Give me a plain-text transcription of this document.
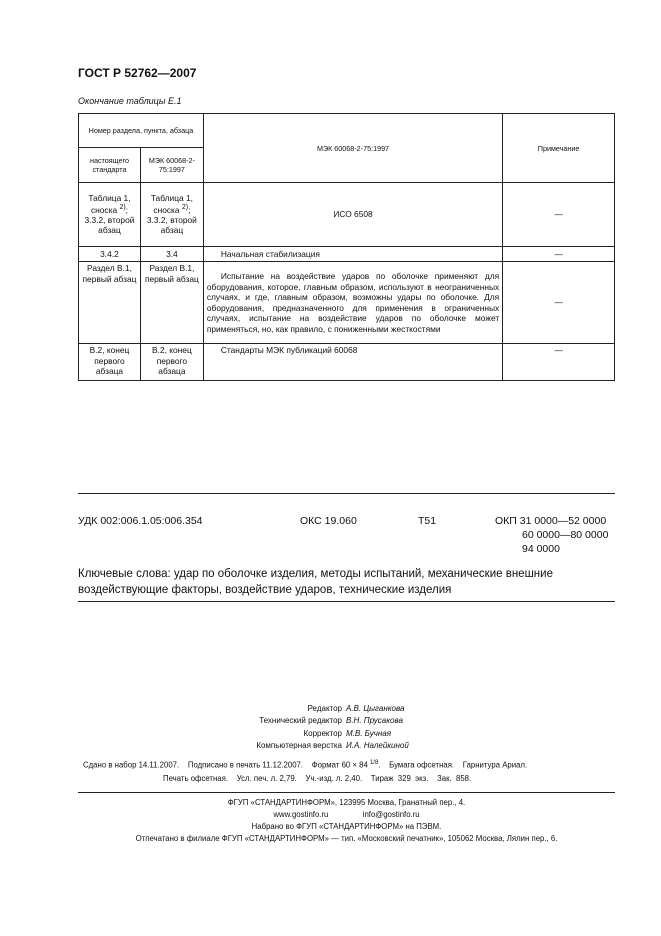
ГОСТ Р 52762—2007
Окончание таблицы Е.1
Номер раздела, пункта, абзаца		МЭК 60068-2-75:1997	Примечание
настоящего стандарта	МЭК 60068-2-75:1997		
Таблица 1, сноска $^{2)}$; 3.3.2, второй абзац	Таблица 1, сноска $^{2)}$; 3.3.2, второй абзац	ИСО 6508	—
3.4.2	3.4	Начальная стабилизация	—
Раздел В.1, первый абзац	Раздел В.1, первый абзац	Испытание на воздействие ударов по оболочке применяют для оборудования, которое, главным образом, используют в неограниченных случаях, и где, главным образом, возможны удары по оболочке. Для оборудования, предназначенного для применения в ограниченных случаях, испытание на воздействие ударов по оболочке может применяться, но, как правило, с пониженными жесткостями	—
В.2, конец первого абзаца	В.2, конец первого абзаца	Стандарты МЭК публикаций 60068	—
УДК 002:006.1.05:006.354	ОКС 19.060	Т51	ОКП 31 0000—52 0000
60 0000—80 0000
94 0000
Ключевые слова: удар по оболочке изделия, методы испытаний, механические внешние воздействующие факторы, воздействие ударов, технические изделия
Редактор
Технический редактор
Корректор
Компьютерная верстка
А.В. Цыганкова
В.Н. Прусакова
М.В. Бучная
И.А. Налейкиной
Сдано в набор 14.11.2007.    Подписано в печать 11.12.2007.    Формат 60 × 84 $^{1/8}$.    Бумага офсетная.    Гарнитура Ариал.
Печать офсетная.    Усл. печ. л. 2,79.    Уч.-изд. л. 2,40.    Тираж  329  экз.    Зак.  858.
ФГУП «СТАНДАРТИНФОРМ», 123995 Москва, Гранатный пер., 4.
www.gostinfo.ru	info@gostinfo.ru
Набрано во ФГУП «СТАНДАРТИНФОРМ» на ПЭВМ.
Отпечатано в филиале ФГУП «СТАНДАРТИНФОРМ» — тип. «Московский печатник», 105062 Москва, Лялин пер., 6.
